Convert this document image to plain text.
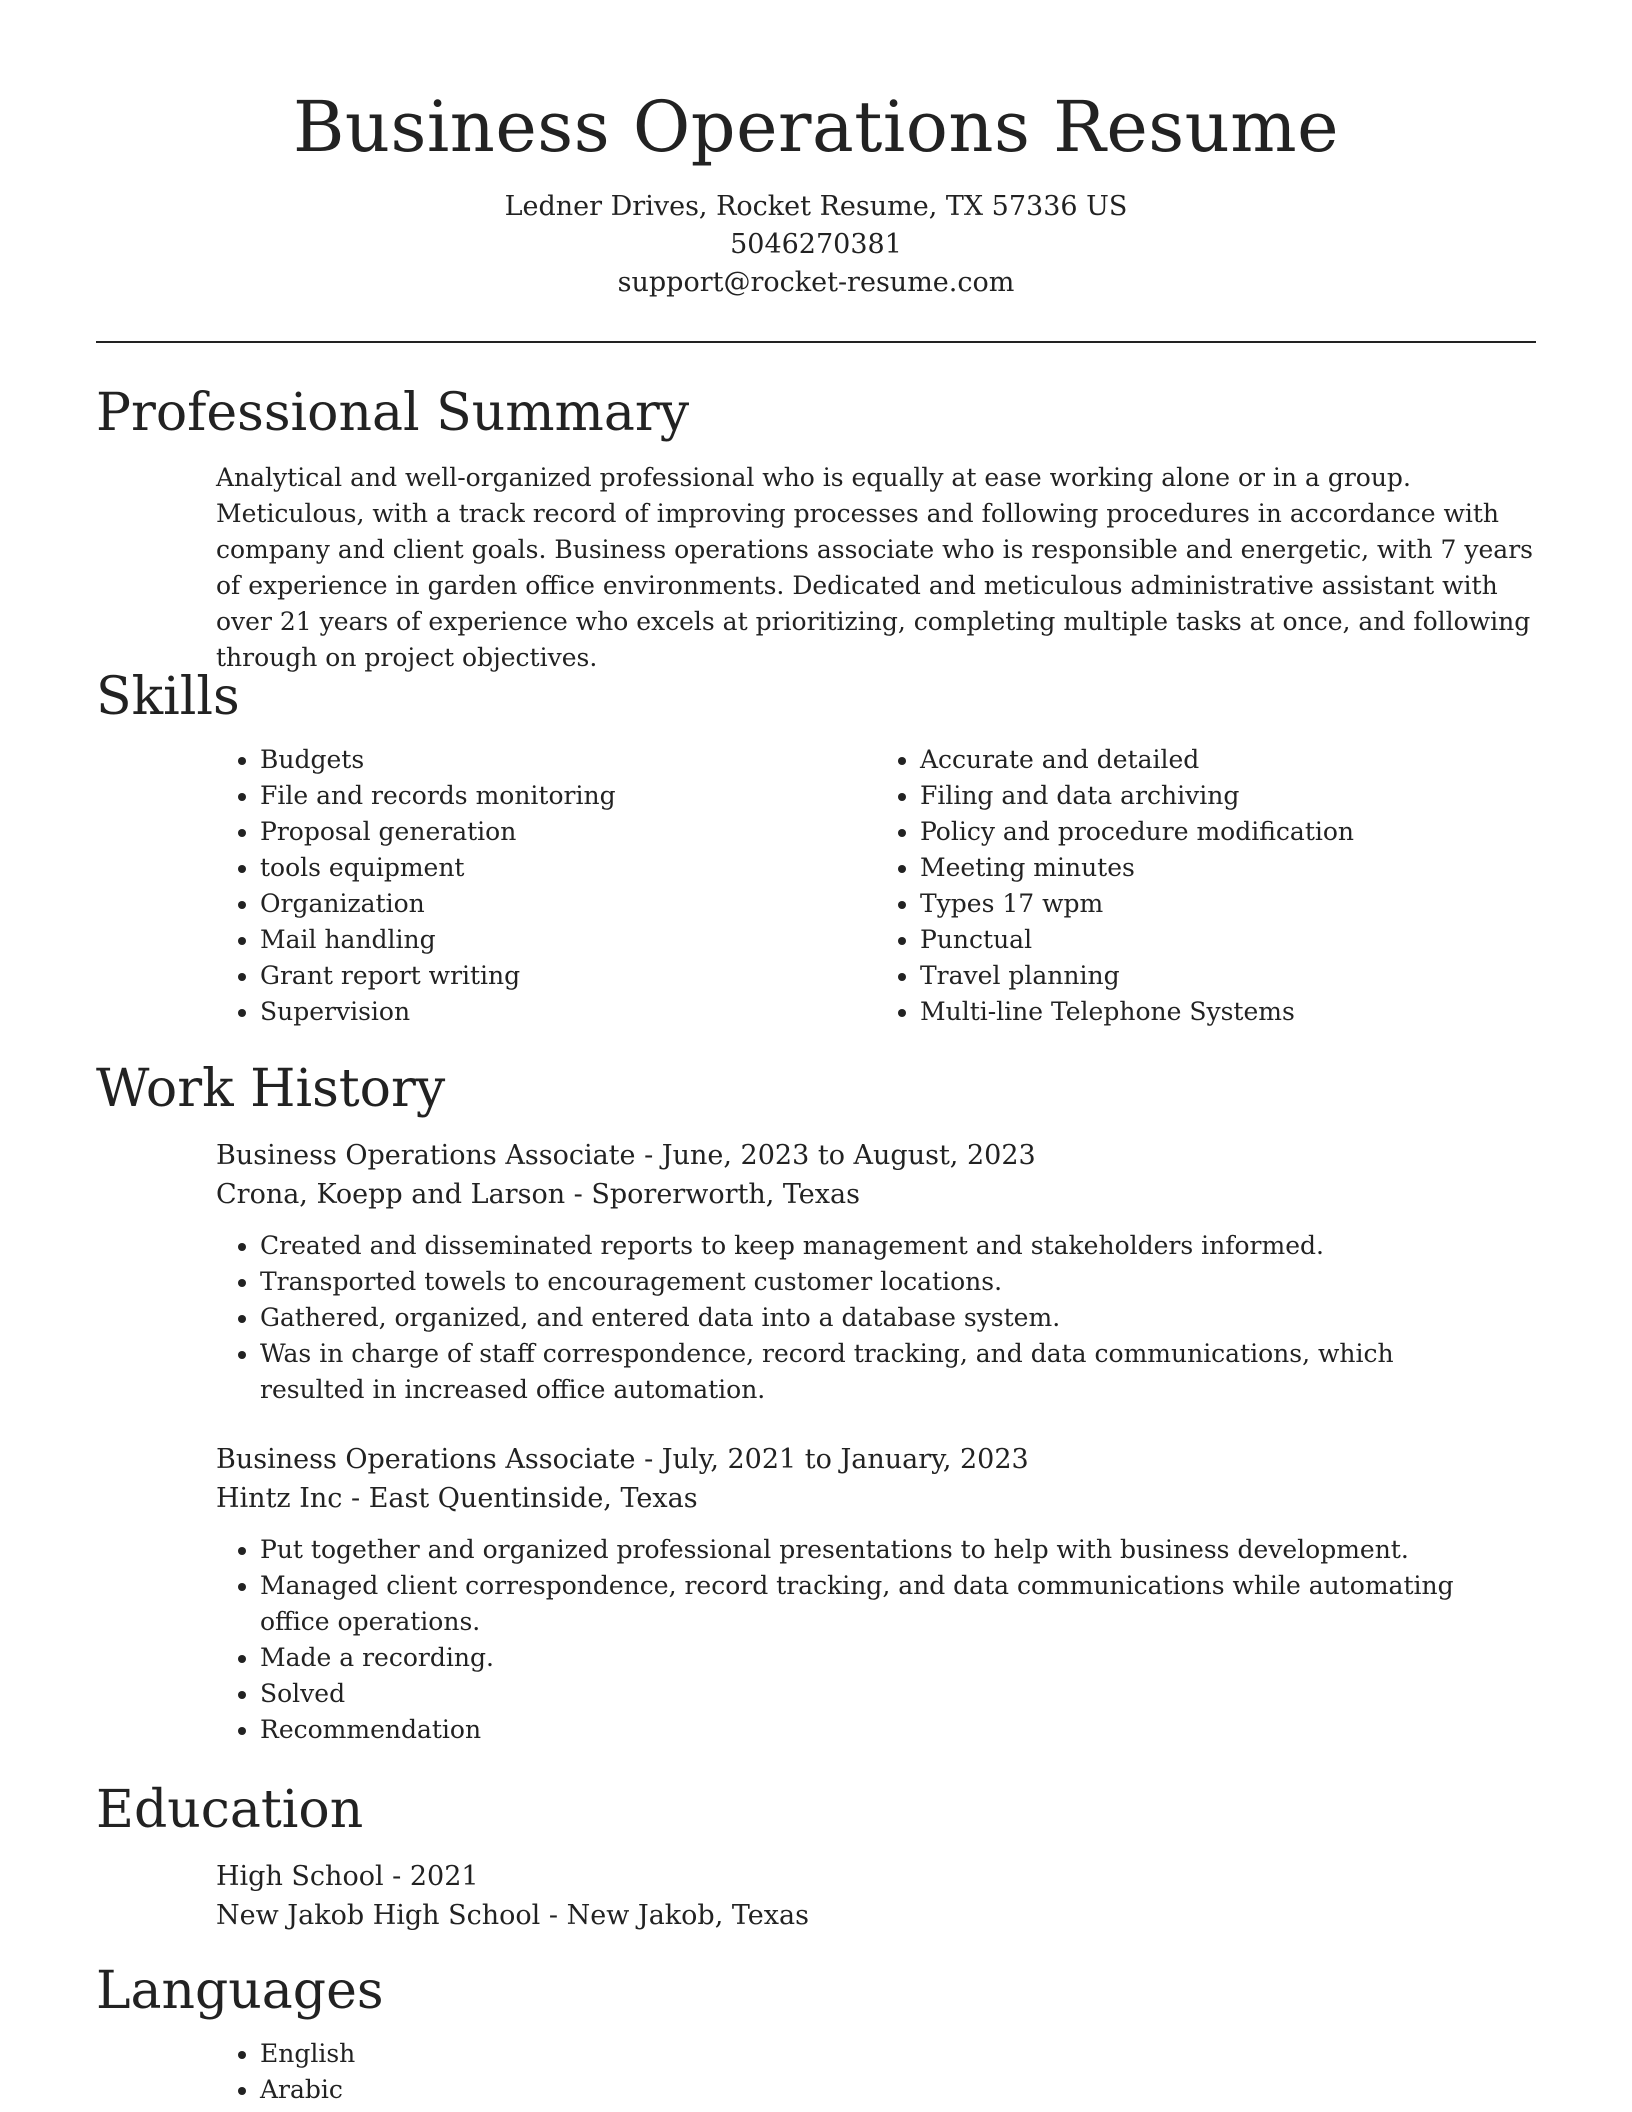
Business Operations Resume
Ledner Drives, Rocket Resume, TX 57336 US
5046270381
support@rocket-resume.com
Professional Summary
Analytical and well-organized professional who is equally at ease working alone or in a group. Meticulous, with a track record of improving processes and following procedures in accordance with company and client goals. Business operations associate who is responsible and energetic, with 7 years of experience in garden office environments. Dedicated and meticulous administrative assistant with over 21 years of experience who excels at prioritizing, completing multiple tasks at once, and following through on project objectives.
Skills
• Budgets
• File and records monitoring
• Proposal generation
• tools equipment
• Organization
• Mail handling
• Grant report writing
• Supervision
• Accurate and detailed
• Filing and data archiving
• Policy and procedure modification
• Meeting minutes
• Types 17 wpm
• Punctual
• Travel planning
• Multi-line Telephone Systems
Work History
Business Operations Associate - June, 2023 to August, 2023
Crona, Koepp and Larson - Sporerworth, Texas
• Created and disseminated reports to keep management and stakeholders informed.
• Transported towels to encouragement customer locations.
• Gathered, organized, and entered data into a database system.
• Was in charge of staff correspondence, record tracking, and data communications, which resulted in increased office automation.
Business Operations Associate - July, 2021 to January, 2023
Hintz Inc - East Quentinside, Texas
• Put together and organized professional presentations to help with business development.
• Managed client correspondence, record tracking, and data communications while automating office operations.
• Made a recording.
• Solved
• Recommendation
Education
High School - 2021
New Jakob High School - New Jakob, Texas
Languages
• English
• Arabic
